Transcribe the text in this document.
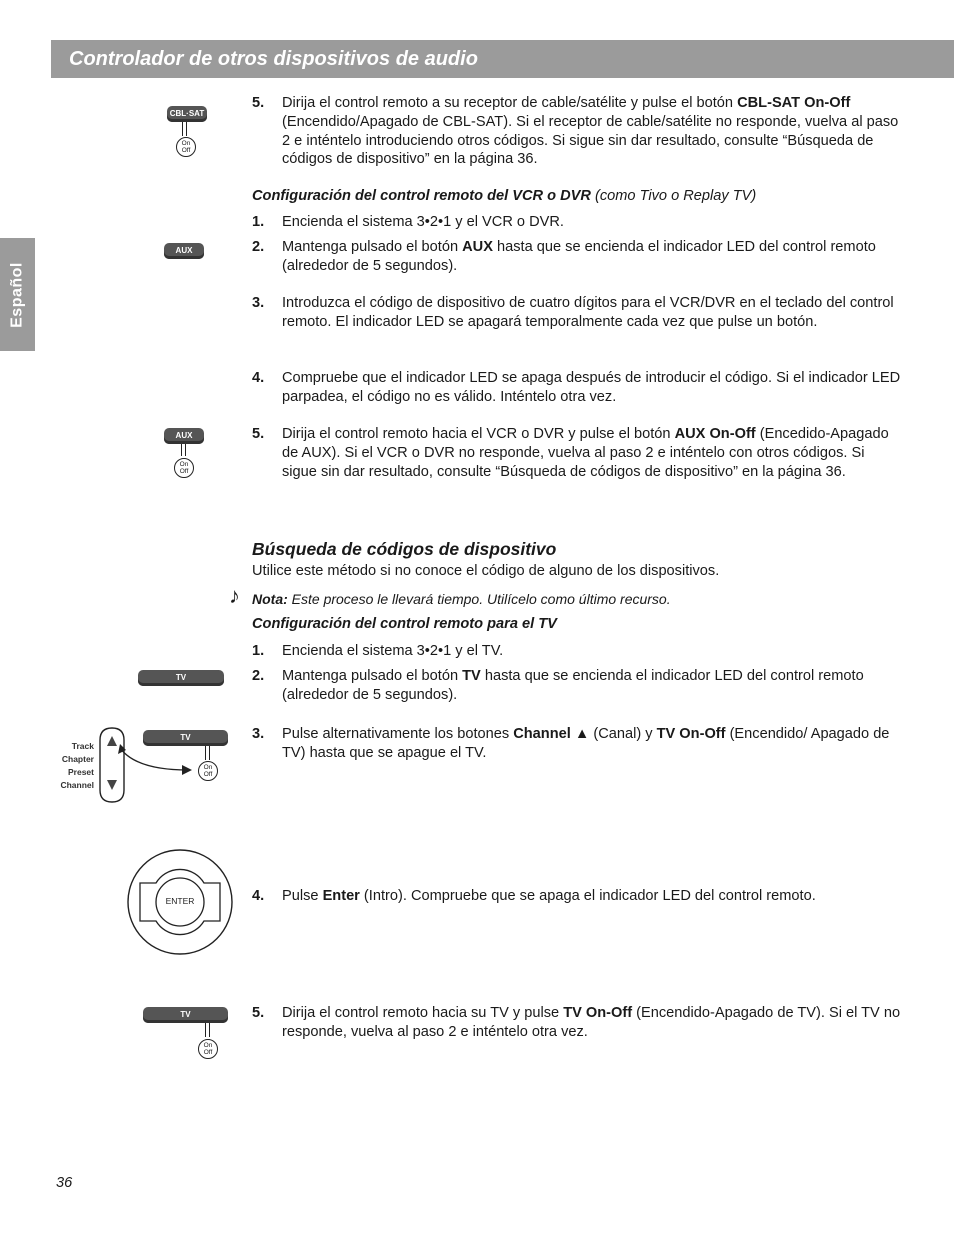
Controlador de otros dispositivos de audio
Español
CBL·SAT
On
Off
AUX
AUX
On
Off
TV
Track
Chapter
Preset
Channel
TV
On
Off
ENTER
TV
On
Off
5. Dirija el control remoto a su receptor de cable/satélite y pulse el botón CBL-SAT On-Off (Encendido/Apagado de CBL-SAT). Si el receptor de cable/satélite no responde, vuelva al paso 2 e inténtelo introduciendo otros códigos. Si sigue sin dar resultado, consulte “Búsqueda de códigos de dispositivo” en la página 36.
Configuración del control remoto del VCR o DVR (como Tivo o Replay TV)
1. Encienda el sistema 3•2•1 y el VCR o DVR.
2. Mantenga pulsado el botón AUX hasta que se encienda el indicador LED del control remoto (alrededor de 5 segundos).
3. Introduzca el código de dispositivo de cuatro dígitos para el VCR/DVR en el teclado del control remoto. El indicador LED se apagará temporalmente cada vez que pulse un botón.
4. Compruebe que el indicador LED se apaga después de introducir el código. Si el indicador LED parpadea, el código no es válido. Inténtelo otra vez.
5. Dirija el control remoto hacia el VCR o DVR y pulse el botón AUX On-Off (Encedido-Apagado de AUX). Si el VCR o DVR no responde, vuelva al paso 2 e inténtelo con otros códigos. Si sigue sin dar resultado, consulte “Búsqueda de códigos de dispositivo” en la página 36.
Búsqueda de códigos de dispositivo
Utilice este método si no conoce el código de alguno de los dispositivos.
♪ Nota: Este proceso le llevará tiempo. Utilícelo como último recurso.
Configuración del control remoto para el TV
1. Encienda el sistema 3•2•1 y el TV.
2. Mantenga pulsado el botón TV hasta que se encienda el indicador LED del control remoto (alrededor de 5 segundos).
3. Pulse alternativamente los botones Channel ▲ (Canal) y TV On-Off (Encendido/ Apagado de TV) hasta que se apague el TV.
4. Pulse Enter (Intro). Compruebe que se apaga el indicador LED del control remoto.
5. Dirija el control remoto hacia su TV y pulse TV On-Off (Encendido-Apagado de TV). Si el TV no responde, vuelva al paso 2 e inténtelo otra vez.
36
